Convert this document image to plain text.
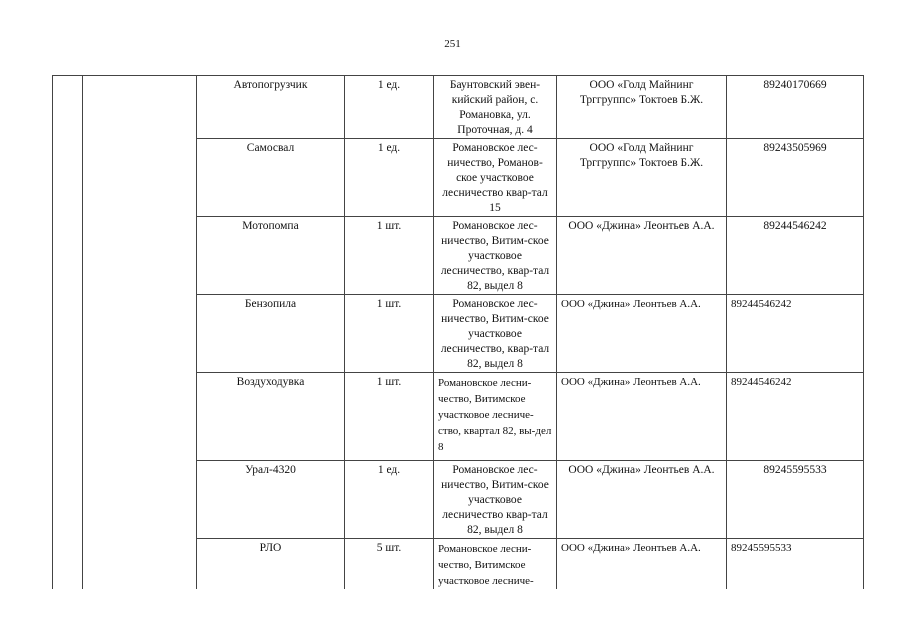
251
		Автопогрузчик	1 ед.	Баунтовский эвен-кийский район, с. Романовка, ул. Проточная, д. 4	ООО «Голд Майнинг Трггруппс» Токтоев Б.Ж.	89240170669
		Самосвал	1 ед.	Романовское лес-ничество, Романов-ское участковое лесничество квар-тал 15	ООО «Голд Майнинг Трггруппс» Токтоев Б.Ж.	89243505969
		Мотопомпа	1 шт.	Романовское лес-ничество, Витим-ское участковое лесничество, квар-тал 82, выдел 8	ООО «Джина» Леонтьев А.А.	89244546242
		Бензопила	1 шт.	Романовское лес-ничество, Витим-ское участковое лесничество, квар-тал 82, выдел 8	ООО «Джина» Леонтьев А.А.	89244546242
		Воздуходувка	1 шт.	Романовское лесни-чество, Витимское участковое лесниче-ство, квартал 82, вы-дел 8	ООО «Джина» Леонтьев А.А.	89244546242
		Урал-4320	1 ед.	Романовское лес-ничество, Витим-ское участковое лесничество квар-тал 82, выдел 8	ООО «Джина» Леонтьев А.А.	89245595533
		РЛО	5 шт.	Романовское лесни-чество, Витимское участковое лесниче-	ООО «Джина» Леонтьев А.А.	89245595533
